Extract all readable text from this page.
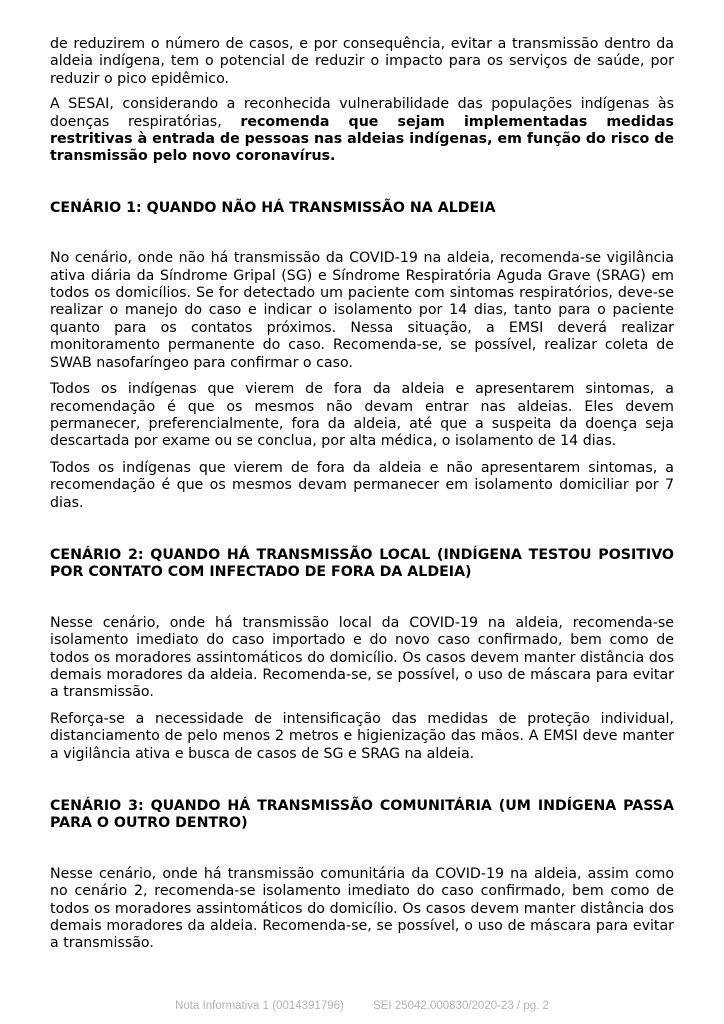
de reduzirem o número de casos, e por consequência, evitar a transmissão dentro da aldeia indígena, tem o potencial de reduzir o impacto para os serviços de saúde, por reduzir o pico epidêmico.

A SESAI, considerando a reconhecida vulnerabilidade das populações indígenas às doenças respiratórias, recomenda que sejam implementadas medidas restritivas à entrada de pessoas nas aldeias indígenas, em função do risco de transmissão pelo novo coronavírus.

CENÁRIO 1: QUANDO NÃO HÁ TRANSMISSÃO NA ALDEIA

No cenário, onde não há transmissão da COVID-19 na aldeia, recomenda-se vigilância ativa diária da Síndrome Gripal (SG) e Síndrome Respiratória Aguda Grave (SRAG) em todos os domicílios. Se for detectado um paciente com sintomas respiratórios, deve-se realizar o manejo do caso e indicar o isolamento por 14 dias, tanto para o paciente quanto para os contatos próximos. Nessa situação, a EMSI deverá realizar monitoramento permanente do caso. Recomenda-se, se possível, realizar coleta de SWAB nasofaríngeo para confirmar o caso.

Todos os indígenas que vierem de fora da aldeia e apresentarem sintomas, a recomendação é que os mesmos não devam entrar nas aldeias. Eles devem permanecer, preferencialmente, fora da aldeia, até que a suspeita da doença seja descartada por exame ou se conclua, por alta médica, o isolamento de 14 dias.

Todos os indígenas que vierem de fora da aldeia e não apresentarem sintomas, a recomendação é que os mesmos devam permanecer em isolamento domiciliar por 7 dias.

CENÁRIO 2: QUANDO HÁ TRANSMISSÃO LOCAL (INDÍGENA TESTOU POSITIVO POR CONTATO COM INFECTADO DE FORA DA ALDEIA)

Nesse cenário, onde há transmissão local da COVID-19 na aldeia, recomenda-se isolamento imediato do caso importado e do novo caso confirmado, bem como de todos os moradores assintomáticos do domicílio. Os casos devem manter distância dos demais moradores da aldeia. Recomenda-se, se possível, o uso de máscara para evitar a transmissão.

Reforça-se a necessidade de intensificação das medidas de proteção individual, distanciamento de pelo menos 2 metros e higienização das mãos. A EMSI deve manter a vigilância ativa e busca de casos de SG e SRAG na aldeia.

CENÁRIO 3: QUANDO HÁ TRANSMISSÃO COMUNITÁRIA (UM INDÍGENA PASSA PARA O OUTRO DENTRO)

Nesse cenário, onde há transmissão comunitária da COVID-19 na aldeia, assim como no cenário 2, recomenda-se isolamento imediato do caso confirmado, bem como de todos os moradores assintomáticos do domicílio. Os casos devem manter distância dos demais moradores da aldeia. Recomenda-se, se possível, o uso de máscara para evitar a transmissão.

Nota Informativa 1 (0014391796)	SEI 25042.000830/2020-23 / pg. 2
